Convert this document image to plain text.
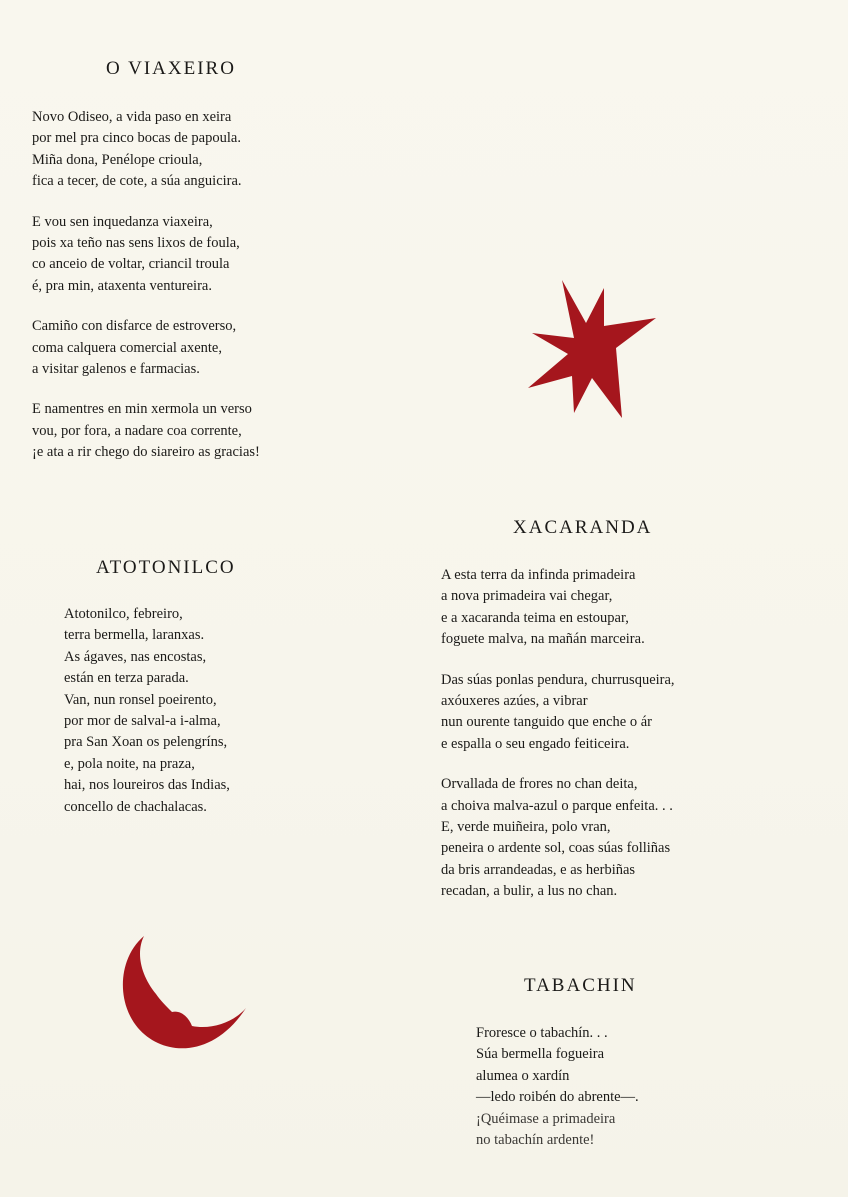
O VIAXEIRO
Novo Odiseo, a vida paso en xeira
por mel pra cinco bocas de papoula.
Miña dona, Penélope crioula,
fica a tecer, de cote, a súa anguicira.
E vou sen inquedanza viaxeira,
pois xa teño nas sens lixos de foula,
co anceio de voltar, criancil troula
é, pra min, ataxenta ventureira.
Camiño con disfarce de estroverso,
coma calquera comercial axente,
a visitar galenos e farmacias.
E namentres en min xermola un verso
vou, por fora, a nadare coa corrente,
¡e ata a rir chego do siareiro as gracias!
ATOTONILCO
Atotonilco, febreiro,
terra bermella, laranxas.
As ágaves, nas encostas,
están en terza parada.
Van, nun ronsel poeirento,
por mor de salval-a i-alma,
pra San Xoan os pelengríns,
e, pola noite, na praza,
hai, nos loureiros das Indias,
concello de chachalacas.
XACARANDA
A esta terra da infinda primadeira
a nova primadeira vai chegar,
e a xacaranda teima en estoupar,
foguete malva, na mañán marceira.
Das súas ponlas pendura, churrusqueira,
axóuxeres azúes, a vibrar
nun ourente tanguido que enche o ár
e espalla o seu engado feiticeira.
Orvallada de frores no chan deita,
a choiva malva-azul o parque enfeita. . .
E, verde muiñeira, polo vran,
peneira o ardente sol, coas súas folliñas
da bris arrandeadas, e as herbiñas
recadan, a bulir, a lus no chan.
TABACHIN
Froresce o tabachín. . .
Súa bermella fogueira
alumea o xardín
—ledo roibén do abrente—.
¡Quéimase a primadeira
no tabachín ardente!
